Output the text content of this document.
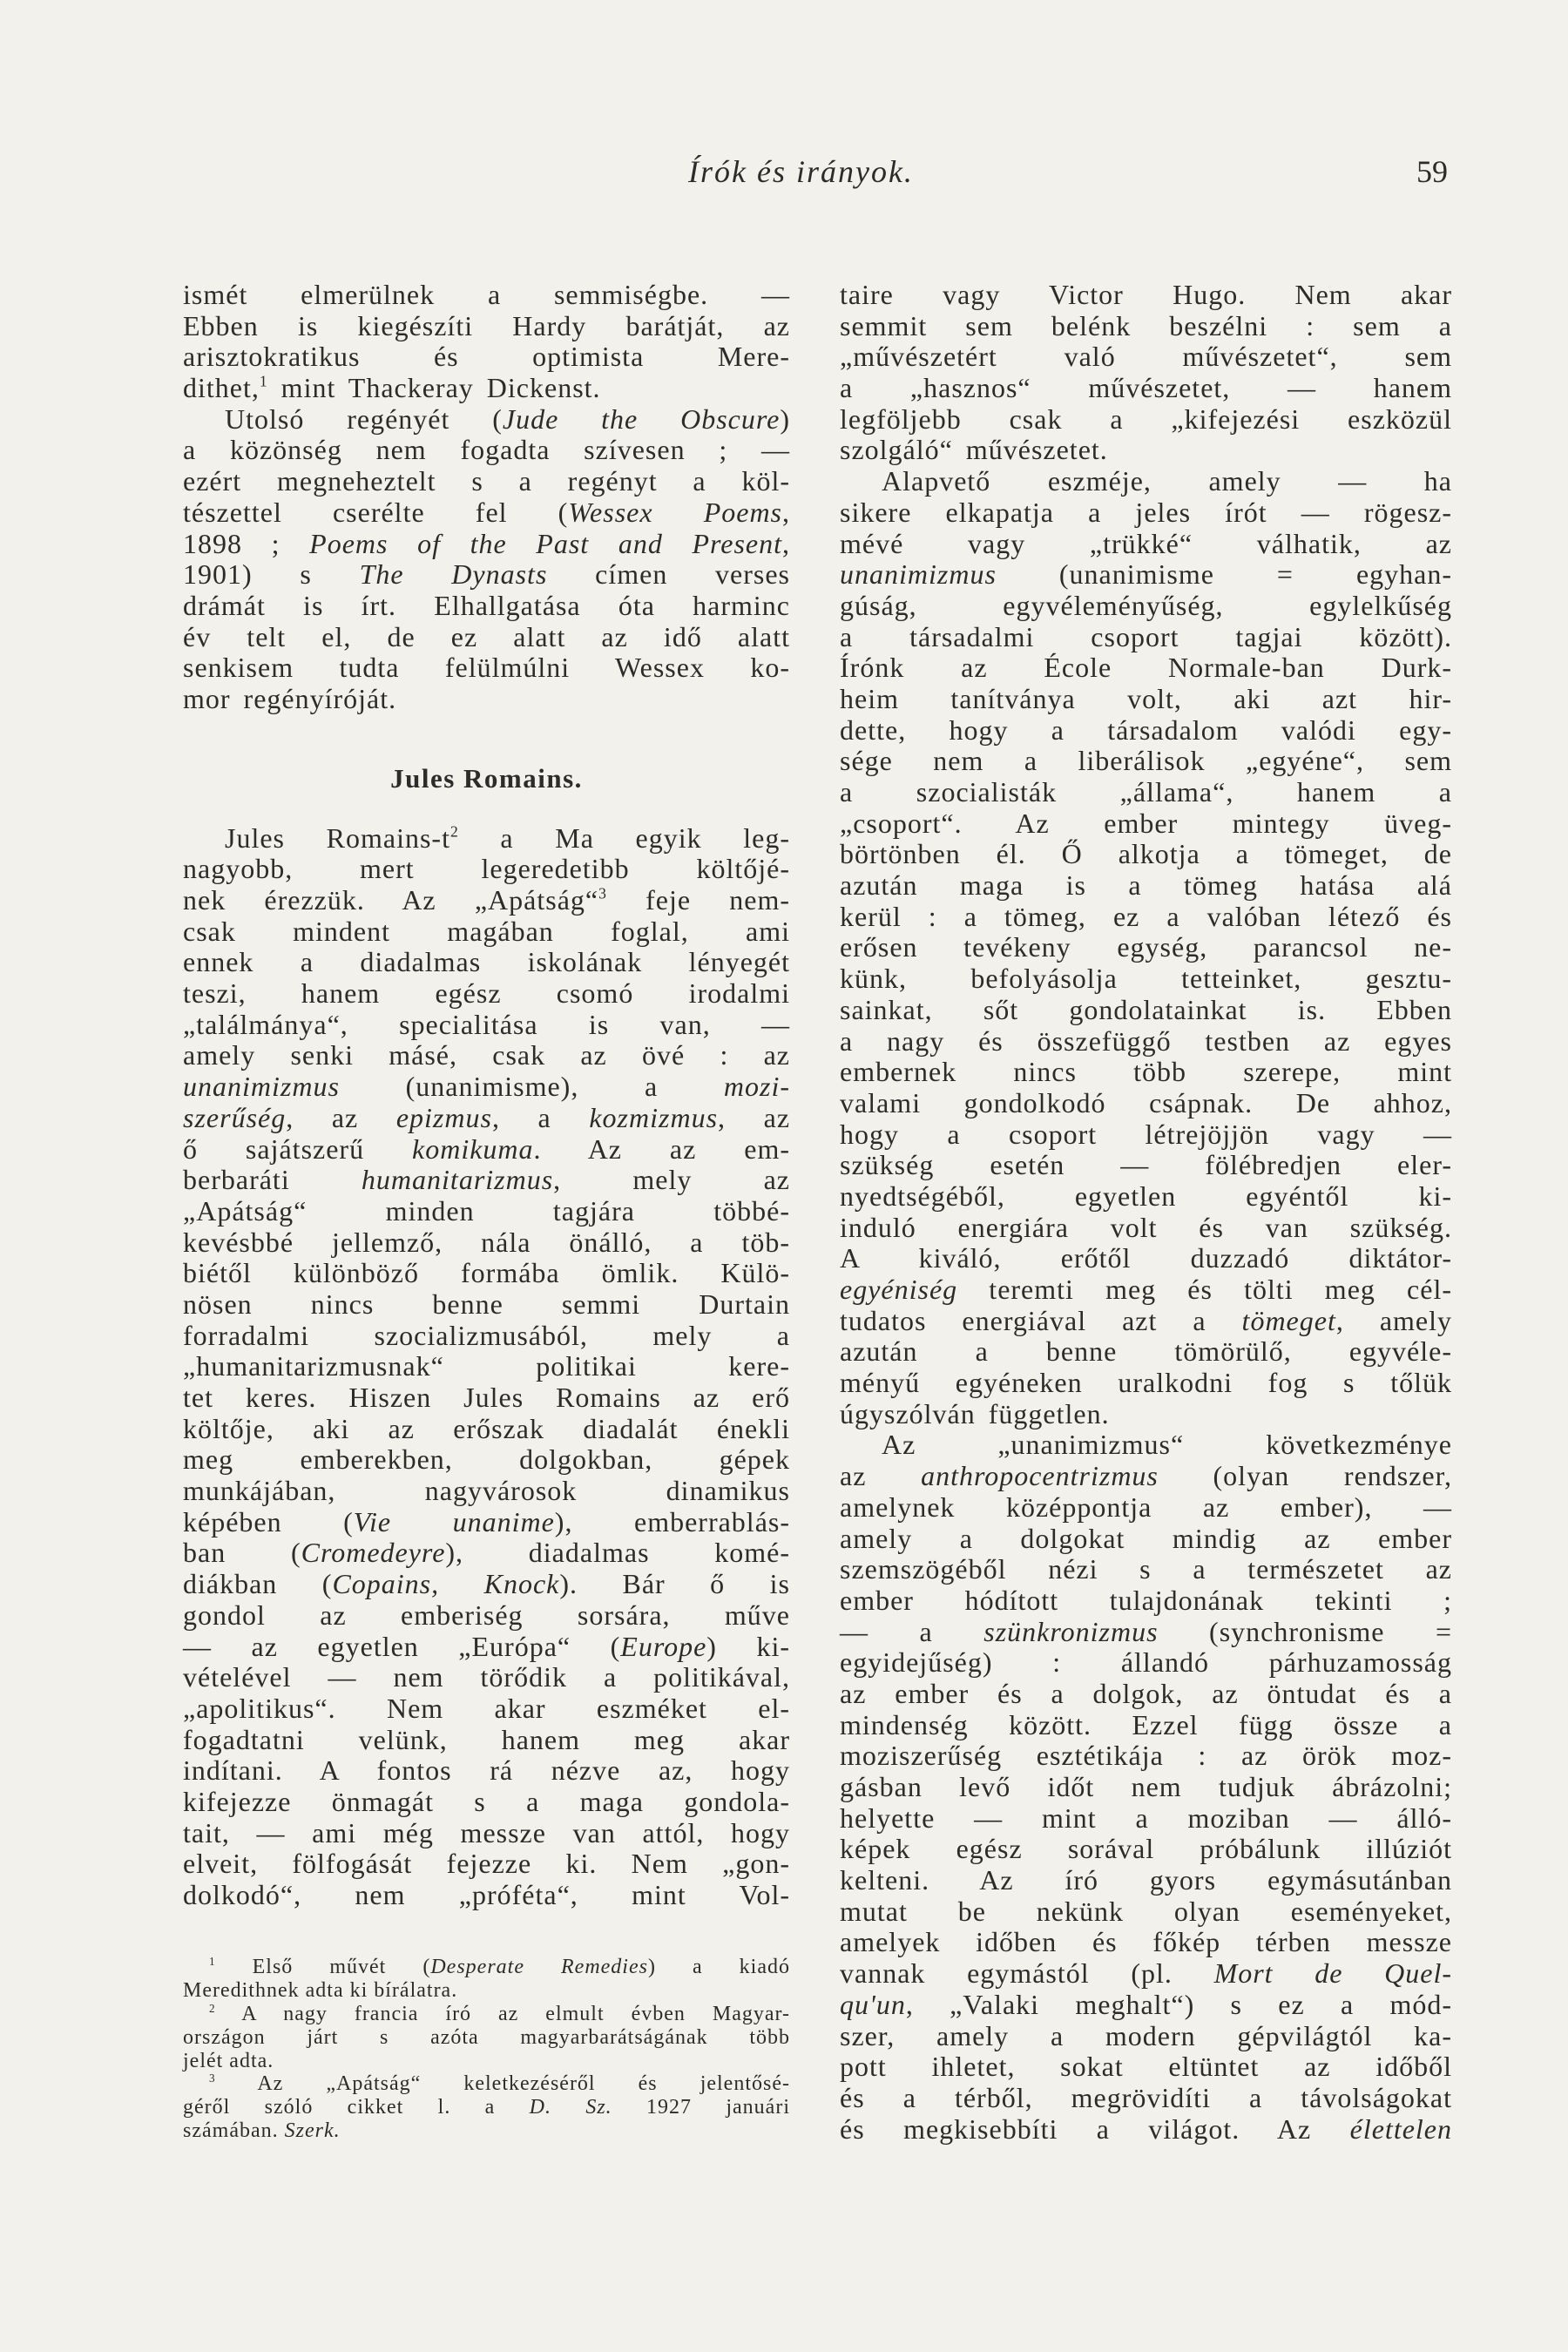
Írók és irányok.	59
ismét elmerülnek a semmiségbe. —
Ebben is kiegészíti Hardy barátját, az
arisztokratikus és optimista Mere-
dithet,$^1$ mint Thackeray Dickenst.
Utolsó regényét (Jude the Obscure)
a közönség nem fogadta szívesen ; —
ezért megneheztelt s a regényt a köl-
tészettel cserélte fel (Wessex Poems,
1898 ; Poems of the Past and Present,
1901) s The Dynasts címen verses
drámát is írt. Elhallgatása óta harminc
év telt el, de ez alatt az idő alatt
senkisem tudta felülmúlni Wessex ko-
mor regényíróját.
Jules Romains.
Jules Romains-$t^2$ a Ma egyik leg-
nagyobb, mert legeredetibb költőjé-
nek érezzük. Az „Apátság“$^3$ feje nem-
csak mindent magában foglal, ami
ennek a diadalmas iskolának lényegét
teszi, hanem egész csomó irodalmi
„találmánya“, specialitása is van, —
amely senki másé, csak az övé : az
unanimizmus (unanimisme), a mozi-
szerűség, az epizmus, a kozmizmus, az
ő sajátszerű komikuma. Az az em-
berbaráti humanitarizmus, mely az
„Apátság“ minden tagjára többé-
kevésbbé jellemző, nála önálló, a töb-
biétől különböző formába ömlik. Külö-
nösen nincs benne semmi Durtain
forradalmi szocializmusából, mely a
„humanitarizmusnak“ politikai kere-
tet keres. Hiszen Jules Romains az erő
költője, aki az erőszak diadalát énekli
meg emberekben, dolgokban, gépek
munkájában, nagyvárosok dinamikus
képében (Vie unanime), emberrablás-
ban (Cromedeyre), diadalmas komé-
diákban (Copains, Knock). Bár ő is
gondol az emberiség sorsára, műve
— az egyetlen „Európa“ (Europe) ki-
vételével — nem törődik a politikával,
„apolitikus“. Nem akar eszméket el-
fogadtatni velünk, hanem meg akar
indítani. A fontos rá nézve az, hogy
kifejezze önmagát s a maga gondola-
tait, — ami még messze van attól, hogy
elveit, fölfogását fejezze ki. Nem „gon-
dolkodó“, nem „próféta“, mint Vol-
taire vagy Victor Hugo. Nem akar
semmit sem belénk beszélni : sem a
„művészetért való művészetet“, sem
a „hasznos“ művészetet, — hanem
legföljebb csak a „kifejezési eszközül
szolgáló“ művészetet.
Alapvető eszméje, amely — ha
sikere elkapatja a jeles írót — rögesz-
mévé vagy „trükké“ válhatik, az
unanimizmus (unanimisme = egyhan-
gúság, egyvéleményűség, egylelkűség
a társadalmi csoport tagjai között).
Írónk az École Normale-ban Durk-
heim tanítványa volt, aki azt hir-
dette, hogy a társadalom valódi egy-
sége nem a liberálisok „egyéne“, sem
a szocialisták „állama“, hanem a
„csoport“. Az ember mintegy üveg-
börtönben él. Ő alkotja a tömeget, de
azután maga is a tömeg hatása alá
kerül : a tömeg, ez a valóban létező és
erősen tevékeny egység, parancsol ne-
künk, befolyásolja tetteinket, gesztu-
sainkat, sőt gondolatainkat is. Ebben
a nagy és összefüggő testben az egyes
embernek nincs több szerepe, mint
valami gondolkodó csápnak. De ahhoz,
hogy a csoport létrejöjjön vagy —
szükség esetén — fölébredjen eler-
nyedtségéből, egyetlen egyéntől ki-
induló energiára volt és van szükség.
A kiváló, erőtől duzzadó diktátor-
egyéniség teremti meg és tölti meg cél-
tudatos energiával azt a tömeget, amely
azután a benne tömörülő, egyvéle-
ményű egyéneken uralkodni fog s tőlük
úgyszólván független.
Az „unanimizmus“ következménye
az anthropocentrizmus (olyan rendszer,
amelynek középpontja az ember), —
amely a dolgokat mindig az ember
szemszögéből nézi s a természetet az
ember hódított tulajdonának tekinti ;
— a szünkronizmus (synchronisme =
egyidejűség) : állandó párhuzamosság
az ember és a dolgok, az öntudat és a
mindenség között. Ezzel függ össze a
moziszerűség esztétikája : az örök moz-
gásban levő időt nem tudjuk ábrázolni;
helyette — mint a moziban — álló-
képek egész sorával próbálunk illúziót
kelteni. Az író gyors egymásutánban
mutat be nekünk olyan eseményeket,
amelyek időben és főkép térben messze
vannak egymástól (pl. Mort de Quel-
qu'un, „Valaki meghalt“) s ez a mód-
szer, amely a modern gépvilágtól ka-
pott ihletet, sokat eltüntet az időből
és a térből, megrövidíti a távolságokat
és megkisebbíti a világot. Az élettelen
$^1$ Első művét (Desperate Remedies) a kiadó
Meredithnek adta ki bírálatra.
$^2$ A nagy francia író az elmult évben Magyar-
országon járt s azóta magyarbarátságának több
jelét adta.
$^3$ Az „Apátság“ keletkezéséről és jelentősé-
géről szóló cikket l. a D. Sz. 1927 januári
számában. Szerk.
